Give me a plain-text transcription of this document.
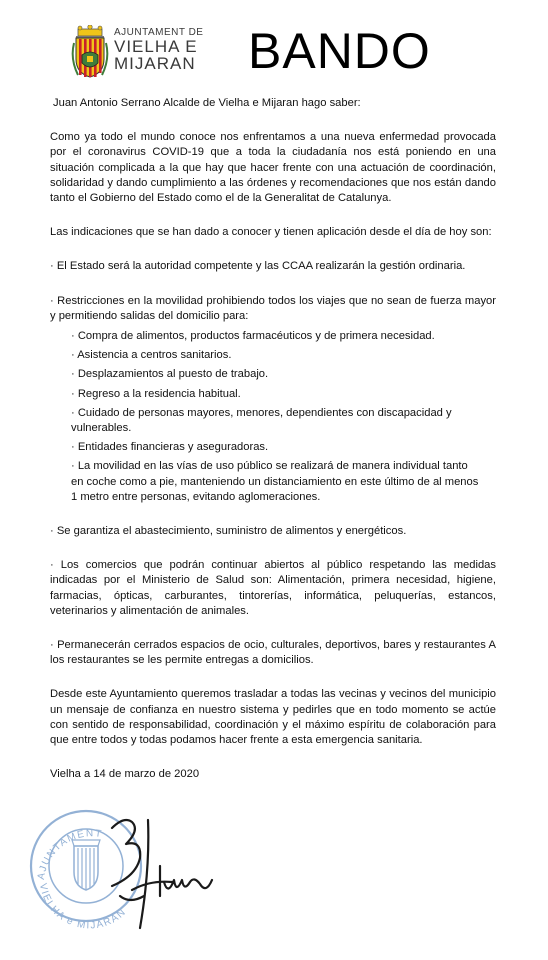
AJUNTAMENT DE
VIELHA E
MIJARAN BANDO

Juan Antonio Serrano Alcalde de Vielha e Mijaran hago saber:

Como ya todo el mundo conoce nos enfrentamos a una nueva enfermedad provocada por el coronavirus COVID-19 que a toda la ciudadanía nos está poniendo en una situación complicada a la que hay que hacer frente con una actuación de coordinación, solidaridad y dando cumplimiento a las órdenes y recomendaciones que nos están dando tanto el Gobierno del Estado como el de la Generalitat de Catalunya.

Las indicaciones que se han dado a conocer y tienen aplicación desde el día de hoy son:

· El Estado será la autoridad competente y las CCAA realizarán la gestión ordinaria.

· Restricciones en la movilidad prohibiendo todos los viajes que no sean de fuerza mayor y permitiendo salidas del domicilio para:

· Compra de alimentos, productos farmacéuticos y de primera necesidad.

· Asistencia a centros sanitarios.

· Desplazamientos al puesto de trabajo.

· Regreso a la residencia habitual.

· Cuidado de personas mayores, menores, dependientes con discapacidad y vulnerables.

· Entidades financieras y aseguradoras.

· La movilidad en las vías de uso público se realizará de manera individual tanto en coche como a pie, manteniendo un distanciamiento en este último de al menos 1 metro entre personas, evitando aglomeraciones.

· Se garantiza el abastecimiento, suministro de alimentos y energéticos.

· Los comercios que podrán continuar abiertos al público respetando las medidas indicadas por el Ministerio de Salud son: Alimentación, primera necesidad, higiene, farmacias, ópticas, carburantes, tintorerías, informática, peluquerías, estancos, veterinarios y alimentación de animales.

· Permanecerán cerrados espacios de ocio, culturales, deportivos, bares y restaurantes A los restaurantes se les permite entregas a domicilios.

Desde este Ayuntamiento queremos trasladar a todas las vecinas y vecinos del municipio un mensaje de confianza en nuestro sistema y pedirles que en todo momento se actúe con sentido de responsabilidad, coordinación y el máximo espíritu de colaboración para que entre todos y todas podamos hacer frente a esta emergencia sanitaria.

Vielha a 14 de marzo de 2020

AJUNTAMENT
VIELHA e MIJARAN
